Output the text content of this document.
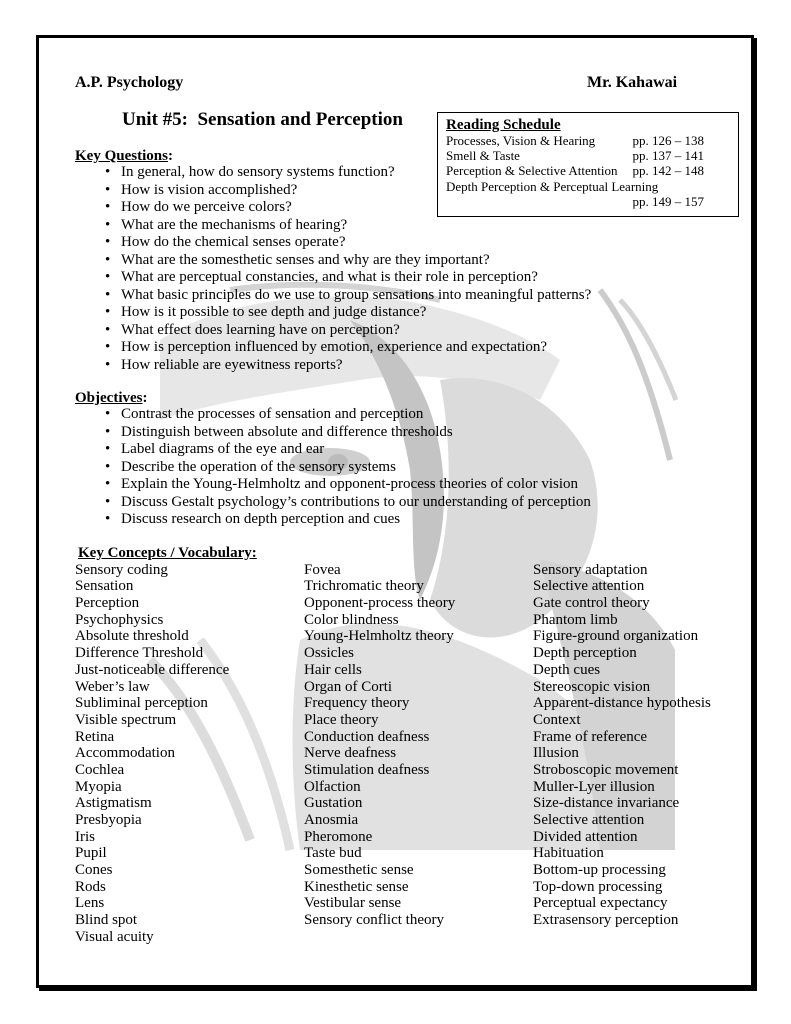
A.P. Psychology	Mr. Kahawai
Unit #5:  Sensation and Perception	Reading Schedule
Processes, Vision & Hearing	pp. 126 – 138
Smell & Taste	pp. 137 – 141
Perception & Selective Attention pp. 142 – 148
Depth Perception & Perceptual Learning
pp. 149 – 157
Key Questions:
• In general, how do sensory systems function?
• How is vision accomplished?
• How do we perceive colors?
• What are the mechanisms of hearing?
• How do the chemical senses operate?
• What are the somesthetic senses and why are they important?
• What are perceptual constancies, and what is their role in perception?
• What basic principles do we use to group sensations into meaningful patterns?
• How is it possible to see depth and judge distance?
• What effect does learning have on perception?
• How is perception influenced by emotion, experience and expectation?
• How reliable are eyewitness reports?
Objectives:
• Contrast the processes of sensation and perception
• Distinguish between absolute and difference thresholds
• Label diagrams of the eye and ear
• Describe the operation of the sensory systems
• Explain the Young-Helmholtz and opponent-process theories of color vision
• Discuss Gestalt psychology’s contributions to our understanding of perception
• Discuss research on depth perception and cues
Key Concepts / Vocabulary:
Sensory coding
Sensation
Perception
Psychophysics
Absolute threshold
Difference Threshold
Just-noticeable difference
Weber’s law
Subliminal perception
Visible spectrum
Retina
Accommodation
Cochlea
Myopia
Astigmatism
Presbyopia
Iris
Pupil
Cones
Rods
Lens
Blind spot
Visual acuity
Fovea
Trichromatic theory
Opponent-process theory
Color blindness
Young-Helmholtz theory
Ossicles
Hair cells
Organ of Corti
Frequency theory
Place theory
Conduction deafness
Nerve deafness
Stimulation deafness
Olfaction
Gustation
Anosmia
Pheromone
Taste bud
Somesthetic sense
Kinesthetic sense
Vestibular sense
Sensory conflict theory
Sensory adaptation
Selective attention
Gate control theory
Phantom limb
Figure-ground organization
Depth perception
Depth cues
Stereoscopic vision
Apparent-distance hypothesis
Context
Frame of reference
Illusion
Stroboscopic movement
Muller-Lyer illusion
Size-distance invariance
Selective attention
Divided attention
Habituation
Bottom-up processing
Top-down processing
Perceptual expectancy
Extrasensory perception
